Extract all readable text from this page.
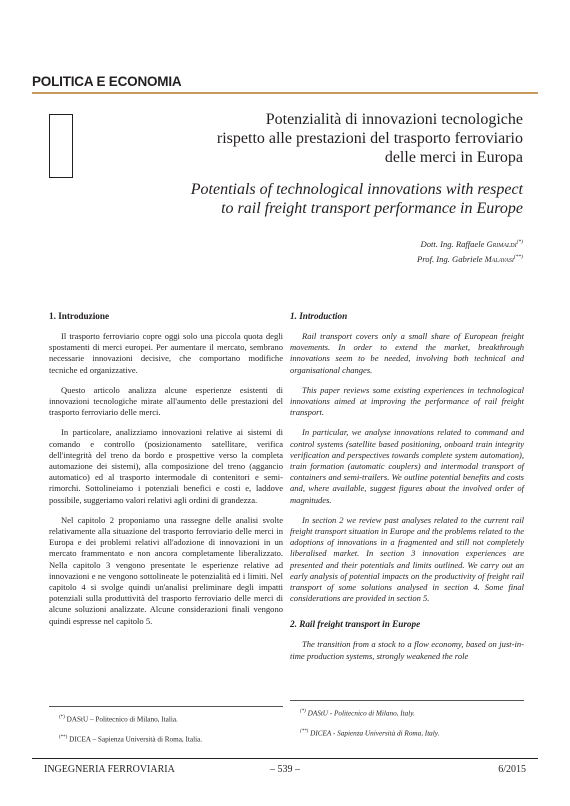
POLITICA E ECONOMIA
Potenzialità di innovazioni tecnologiche
rispetto alle prestazioni del trasporto ferroviario
delle merci in Europa
Potentials of technological innovations with respect
to rail freight transport performance in Europe
Dott. Ing. Raffaele Grimaldi(*)
Prof. Ing. Gabriele Malavasi(**)
1. Introduzione

Il trasporto ferroviario copre oggi solo una piccola quota degli spostamenti di merci europei. Per aumentare il mercato, sembrano necessarie innovazioni decisive, che comportano modifiche tecniche ed organizzative.

Questo articolo analizza alcune esperienze esistenti di innovazioni tecnologiche mirate all'aumento delle prestazioni del trasporto ferroviario delle merci.

In particolare, analizziamo innovazioni relative ai sistemi di comando e controllo (posizionamento satellitare, verifica dell'integrità del treno da bordo e prospettive verso la completa automazione dei sistemi), alla composizione del treno (aggancio automatico) ed al trasporto intermodale di contenitori e semi-rimorchi. Sottolineiamo i potenziali benefici e costi e, laddove possibile, suggeriamo valori relativi agli ordini di grandezza.

Nel capitolo 2 proponiamo una rassegne delle analisi svolte relativamente alla situazione del trasporto ferroviario delle merci in Europa e dei problemi relativi all'adozione di innovazioni in un mercato frammentato e non ancora completamente liberalizzato. Nella capitolo 3 vengono presentate le esperienze relative ad innovazioni e ne vengono sottolineate le potenzialità ed i limiti. Nel capitolo 4 si svolge quindi un'analisi preliminare degli impatti potenziali sulla produttività del trasporto ferroviario delle merci di alcune soluzioni analizzate. Alcune considerazioni finali vengono quindi espresse nel capitolo 5.

1. Introduction

Rail transport covers only a small share of European freight movements. In order to extend the market, breakthrough innovations seem to be needed, involving both technical and organisational changes.

This paper reviews some existing experiences in technological innovations aimed at improving the performance of rail freight transport.

In particular, we analyse innovations related to command and control systems (satellite based positioning, onboard train integrity verification and perspectives towards complete system automation), train formation (automatic couplers) and intermodal transport of containers and semi-trailers. We outline potential benefits and costs and, where available, suggest figures about the involved order of magnitudes.

In section 2 we review past analyses related to the current rail freight transport situation in Europe and the problems related to the adoptions of innovations in a fragmented and still not completely liberalised market. In section 3 innovation experiences are presented and their potentials and limits outlined. We carry out an early analysis of potential impacts on the productivity of freight rail transport of some solutions analysed in section 4. Some final considerations are provided in section 5.

2. Rail freight transport in Europe

The transition from a stock to a flow economy, based on just-in-time production systems, strongly weakened the role

(*) DAStU – Politecnico di Milano, Italia.
(**) DICEA – Sapienza Università di Roma, Italia.
(*) DAStU - Politecnico di Milano, Italy.
(**) DICEA - Sapienza Università di Roma, Italy.
INGEGNERIA FERROVIARIA	– 539 –	6/2015
